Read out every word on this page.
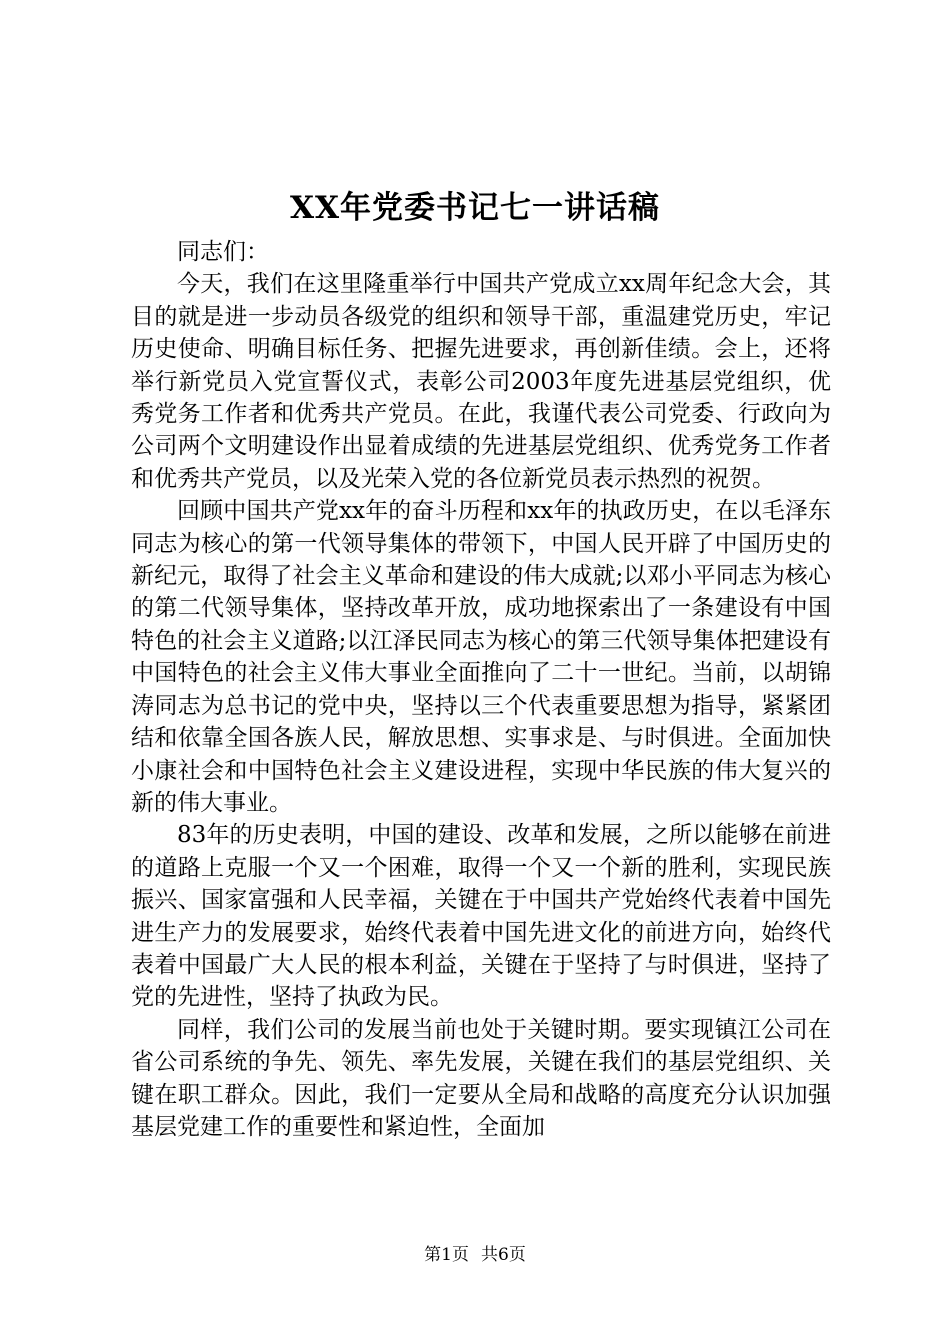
XX年党委书记七一讲话稿

同志们：

今天，我们在这里隆重举行中国共产党成立xx周年纪念大会，其目的就是进一步动员各级党的组织和领导干部，重温建党历史，牢记历史使命、明确目标任务、把握先进要求，再创新佳绩。会上，还将举行新党员入党宣誓仪式，表彰公司2003年度先进基层党组织，优秀党务工作者和优秀共产党员。在此，我谨代表公司党委、行政向为公司两个文明建设作出显着成绩的先进基层党组织、优秀党务工作者和优秀共产党员，以及光荣入党的各位新党员表示热烈的祝贺。

回顾中国共产党xx年的奋斗历程和xx年的执政历史，在以毛泽东同志为核心的第一代领导集体的带领下，中国人民开辟了中国历史的新纪元，取得了社会主义革命和建设的伟大成就;以邓小平同志为核心的第二代领导集体，坚持改革开放，成功地探索出了一条建设有中国特色的社会主义道路;以江泽民同志为核心的第三代领导集体把建设有中国特色的社会主义伟大事业全面推向了二十一世纪。当前，以胡锦涛同志为总书记的党中央，坚持以三个代表重要思想为指导，紧紧团结和依靠全国各族人民，解放思想、实事求是、与时俱进。全面加快小康社会和中国特色社会主义建设进程，实现中华民族的伟大复兴的新的伟大事业。

83年的历史表明，中国的建设、改革和发展，之所以能够在前进的道路上克服一个又一个困难，取得一个又一个新的胜利，实现民族振兴、国家富强和人民幸福，关键在于中国共产党始终代表着中国先进生产力的发展要求，始终代表着中国先进文化的前进方向，始终代表着中国最广大人民的根本利益，关键在于坚持了与时俱进，坚持了党的先进性，坚持了执政为民。

同样，我们公司的发展当前也处于关键时期。要实现镇江公司在省公司系统的争先、领先、率先发展，关键在我们的基层党组织、关键在职工群众。因此，我们一定要从全局和战略的高度充分认识加强基层党建工作的重要性和紧迫性，全面加

第1页 共6页
